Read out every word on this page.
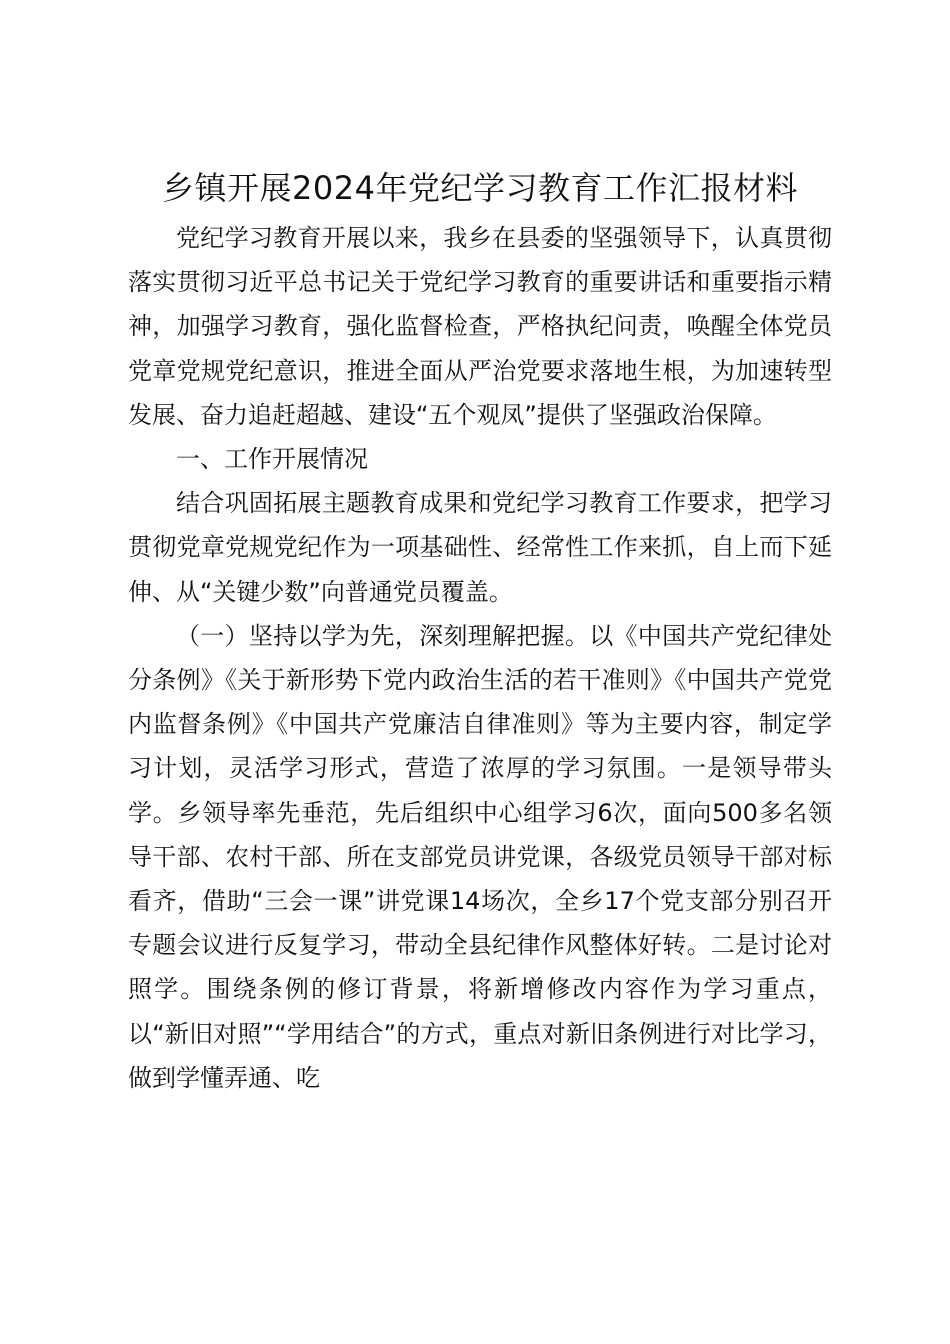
乡镇开展2024年党纪学习教育工作汇报材料

党纪学习教育开展以来，我乡在县委的坚强领导下，认真贯彻落实贯彻习近平总书记关于党纪学习教育的重要讲话和重要指示精神，加强学习教育，强化监督检查，严格执纪问责，唤醒全体党员党章党规党纪意识，推进全面从严治党要求落地生根，为加速转型发展、奋力追赶超越、建设“五个观凤”提供了坚强政治保障。

一、工作开展情况

结合巩固拓展主题教育成果和党纪学习教育工作要求，把学习贯彻党章党规党纪作为一项基础性、经常性工作来抓，自上而下延伸、从“关键少数”向普通党员覆盖。

（一）坚持以学为先，深刻理解把握。以《中国共产党纪律处分条例》《关于新形势下党内政治生活的若干准则》《中国共产党党内监督条例》《中国共产党廉洁自律准则》等为主要内容，制定学习计划，灵活学习形式，营造了浓厚的学习氛围。一是领导带头学。乡领导率先垂范，先后组织中心组学习6次，面向500多名领导干部、农村干部、所在支部党员讲党课，各级党员领导干部对标看齐，借助“三会一课”讲党课14场次，全乡17个党支部分别召开专题会议进行反复学习，带动全县纪律作风整体好转。二是讨论对照学。围绕条例的修订背景，将新增修改内容作为学习重点，以“新旧对照”“学用结合”的方式，重点对新旧条例进行对比学习，做到学懂弄通、吃
